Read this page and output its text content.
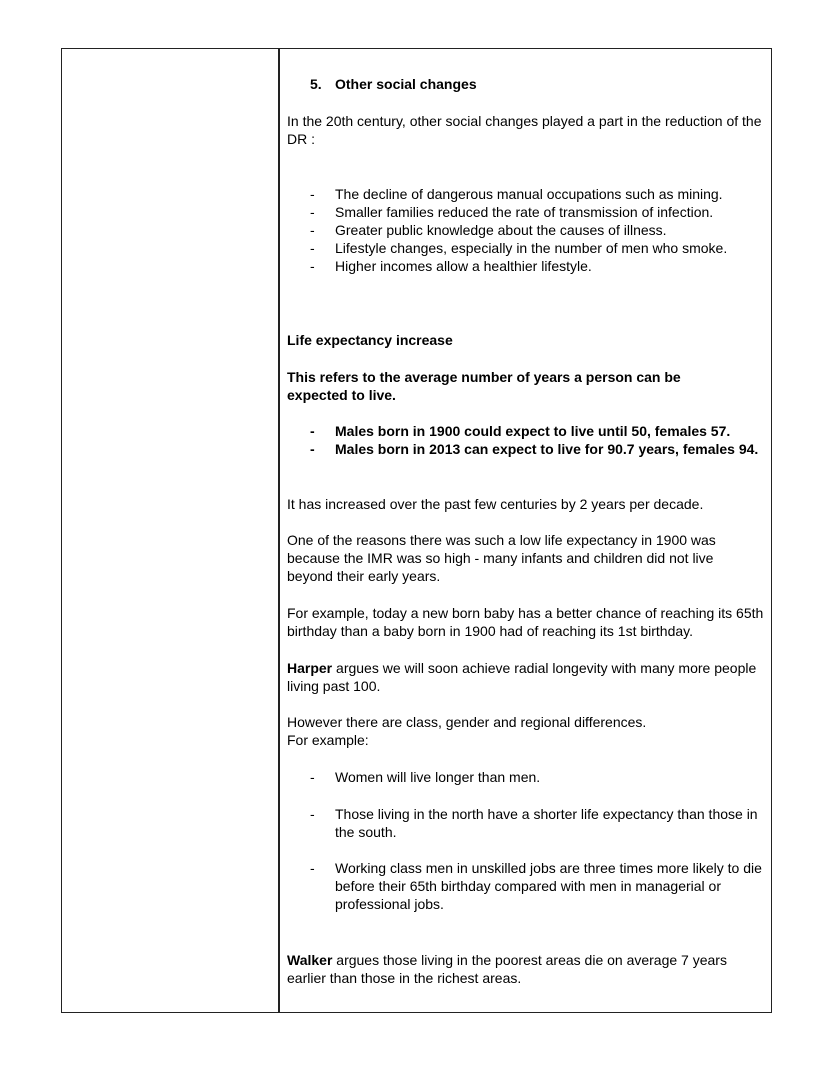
5. Other social changes
In the 20th century, other social changes played a part in the reduction of the DR :
- The decline of dangerous manual occupations such as mining.
- Smaller families reduced the rate of transmission of infection.
- Greater public knowledge about the causes of illness.
- Lifestyle changes, especially in the number of men who smoke.
- Higher incomes allow a healthier lifestyle.
Life expectancy increase
This refers to the average number of years a person can be expected to live.
- Males born in 1900 could expect to live until 50, females 57.
- Males born in 2013 can expect to live for 90.7 years, females 94.
It has increased over the past few centuries by 2 years per decade.
One of the reasons there was such a low life expectancy in 1900 was because the IMR was so high - many infants and children did not live beyond their early years.
For example, today a new born baby has a better chance of reaching its 65th birthday than a baby born in 1900 had of reaching its 1st birthday.
Harper argues we will soon achieve radial longevity with many more people living past 100.
However there are class, gender and regional differences.
For example:
- Women will live longer than men.
- Those living in the north have a shorter life expectancy than those in the south.
- Working class men in unskilled jobs are three times more likely to die before their 65th birthday compared with men in managerial or professional jobs.
Walker argues those living in the poorest areas die on average 7 years earlier than those in the richest areas.
